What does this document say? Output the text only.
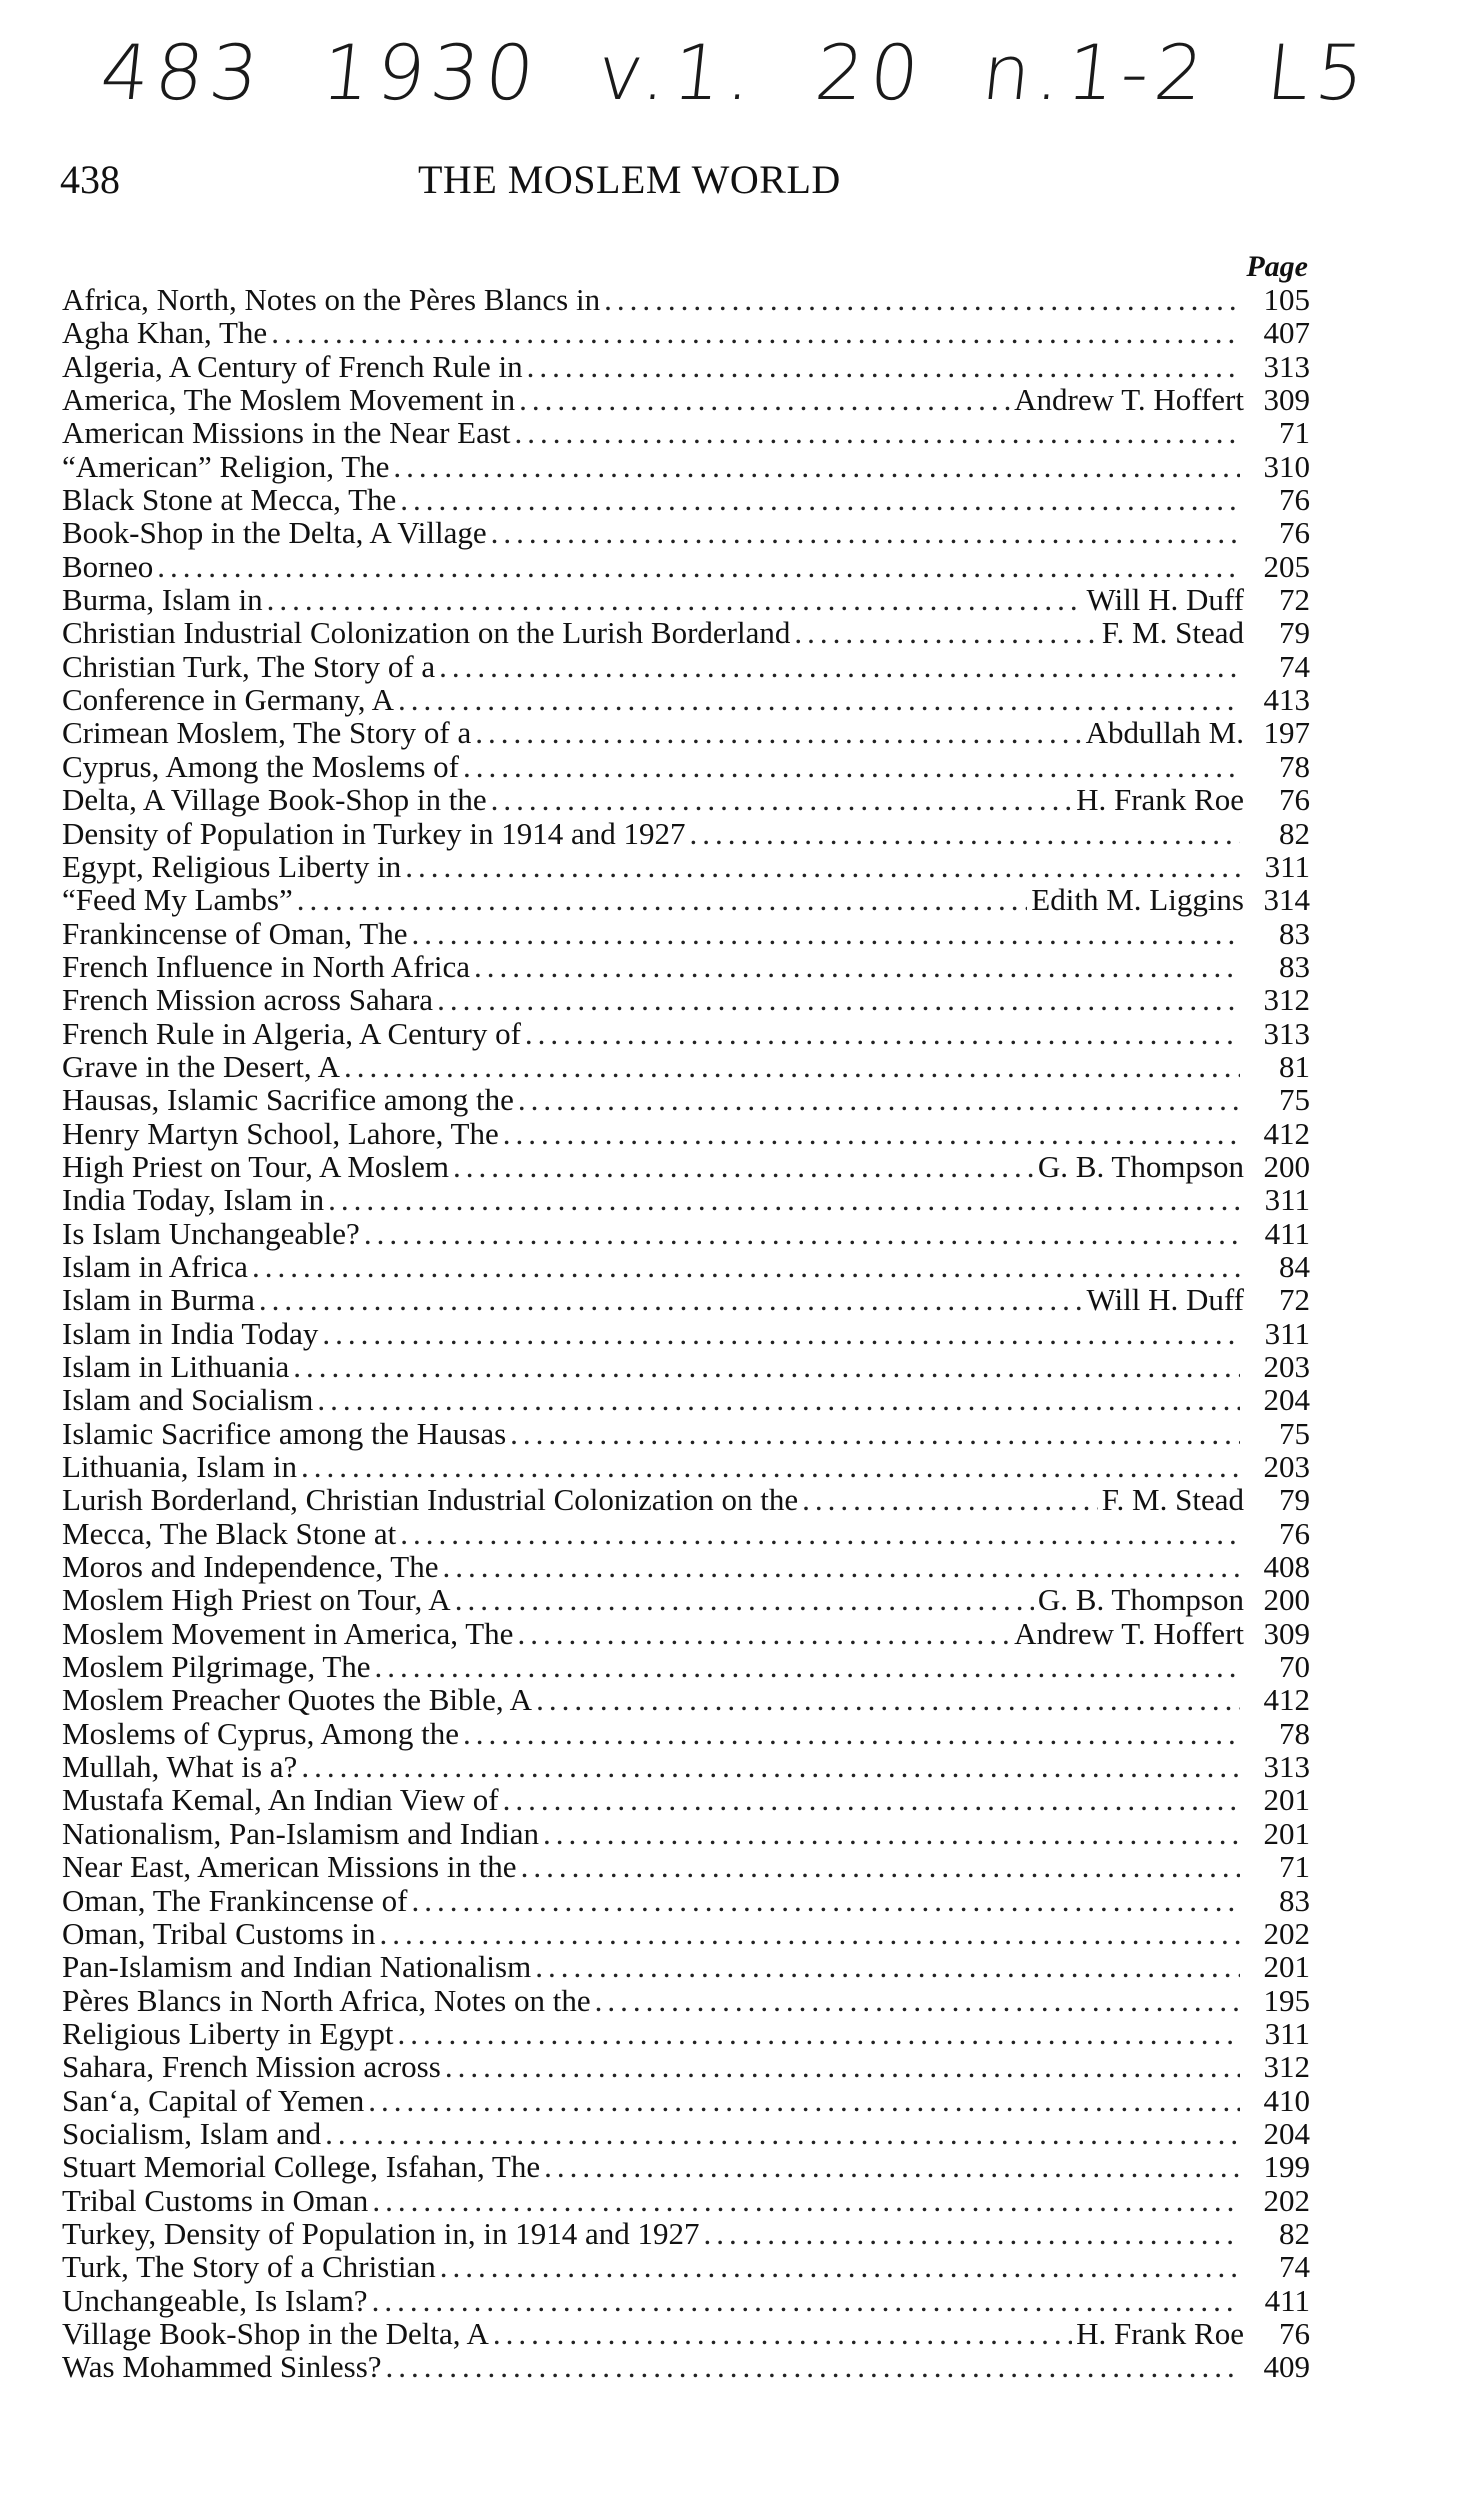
483 1930 v.1. 20 n.1-2 L5
438	THE MOSLEM WORLD
Page
Africa, North, Notes on the Pères Blancs in .....	105
Agha Khan, The .....	407
Algeria, A Century of French Rule in .....	313
America, The Moslem Movement in .....	Andrew T. Hoffert 309
American Missions in the Near East .....	71
“American” Religion, The .....	310
Black Stone at Mecca, The .....	76
Book-Shop in the Delta, A Village .....	76
Borneo .....	205
Burma, Islam in .....	Will H. Duff	72
Christian Industrial Colonization on the Lurish Borderland .....	F. M. Stead	79
Christian Turk, The Story of a .....	74
Conference in Germany, A .....	413
Crimean Moslem, The Story of a .....	Abdullah M. 197
Cyprus, Among the Moslems of .....	78
Delta, A Village Book-Shop in the .....	H. Frank Roe	76
Density of Population in Turkey in 1914 and 1927 .....	82
Egypt, Religious Liberty in .....	311
“Feed My Lambs” .....	Edith M. Liggins 314
Frankincense of Oman, The .....	83
French Influence in North Africa .....	83
French Mission across Sahara .....	312
French Rule in Algeria, A Century of .....	313
Grave in the Desert, A .....	81
Hausas, Islamic Sacrifice among the .....	75
Henry Martyn School, Lahore, The .....	412
High Priest on Tour, A Moslem .....	G. B. Thompson 200
India Today, Islam in .....	311
Is Islam Unchangeable? .....	411
Islam in Africa .....	84
Islam in Burma .....	Will H. Duff	72
Islam in India Today .....	311
Islam in Lithuania .....	203
Islam and Socialism .....	204
Islamic Sacrifice among the Hausas .....	75
Lithuania, Islam in .....	203
Lurish Borderland, Christian Industrial Colonization on the .....	F. M. Stead	79
Mecca, The Black Stone at .....	76
Moros and Independence, The .....	408
Moslem High Priest on Tour, A .....	G. B. Thompson 200
Moslem Movement in America, The .....	Andrew T. Hoffert 309
Moslem Pilgrimage, The .....	70
Moslem Preacher Quotes the Bible, A .....	412
Moslems of Cyprus, Among the .....	78
Mullah, What is a? .....	313
Mustafa Kemal, An Indian View of .....	201
Nationalism, Pan-Islamism and Indian .....	201
Near East, American Missions in the .....	71
Oman, The Frankincense of .....	83
Oman, Tribal Customs in .....	202
Pan-Islamism and Indian Nationalism .....	201
Pères Blancs in North Africa, Notes on the .....	195
Religious Liberty in Egypt .....	311
Sahara, French Mission across .....	312
San‘a, Capital of Yemen .....	410
Socialism, Islam and .....	204
Stuart Memorial College, Isfahan, The .....	199
Tribal Customs in Oman .....	202
Turkey, Density of Population in, in 1914 and 1927 .....	82
Turk, The Story of a Christian .....	74
Unchangeable, Is Islam? .....	411
Village Book-Shop in the Delta, A .....	H. Frank Roe	76
Was Mohammed Sinless? .....	409
